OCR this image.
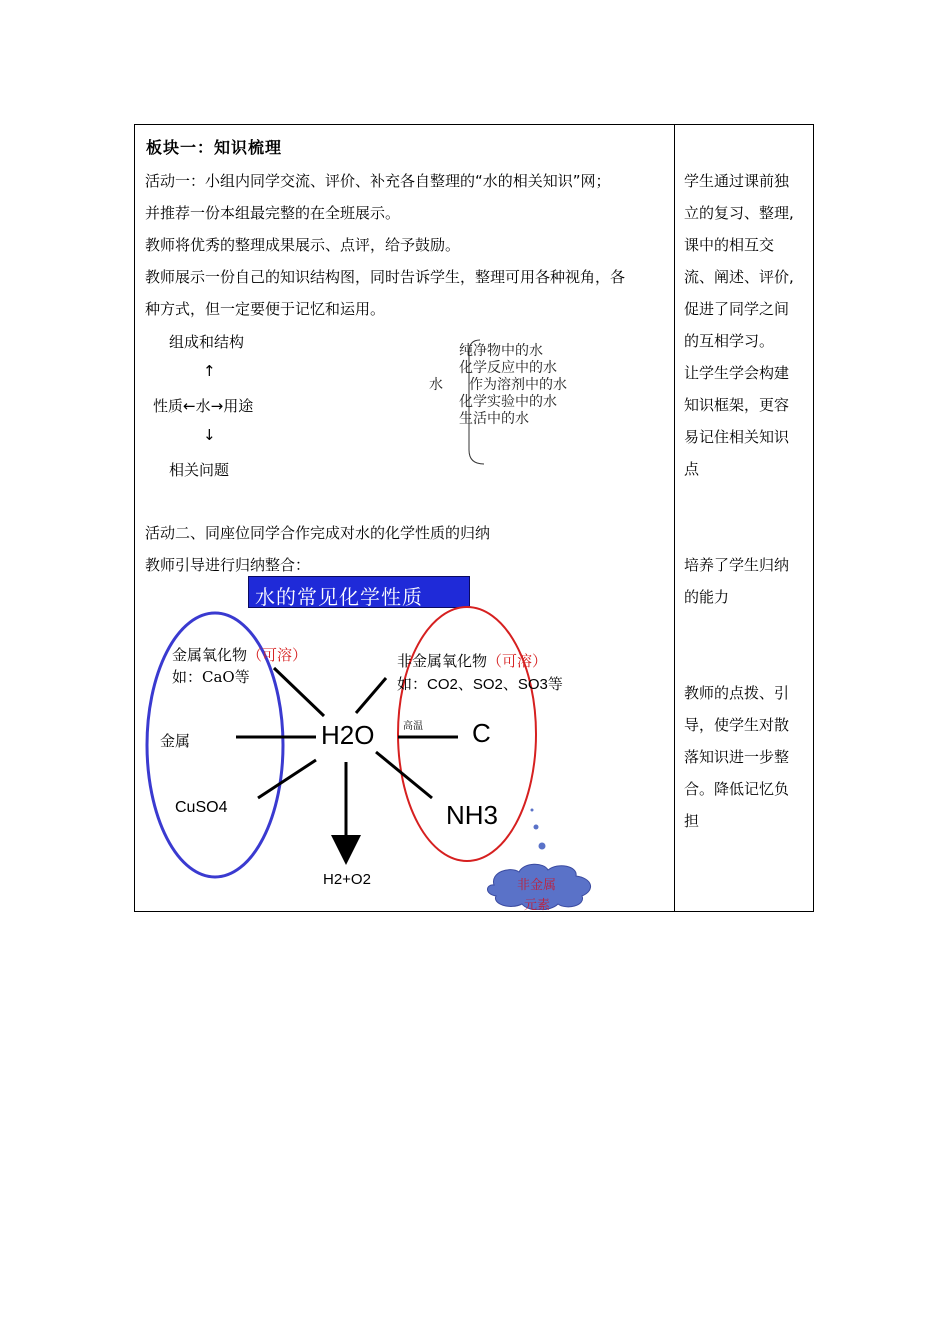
板块一：知识梳理
活动一：小组内同学交流、评价、补充各自整理的“水的相关知识”网；
并推荐一份本组最完整的在全班展示。
教师将优秀的整理成果展示、点评，给予鼓励。
教师展示一份自己的知识结构图，同时告诉学生，整理可用各种视角，各
种方式，但一定要便于记忆和运用。
组成和结构
↑
性质←水→用途
↓
相关问题
水
纯净物中的水
化学反应中的水
作为溶剂中的水
化学实验中的水
生活中的水
活动二、同座位同学合作完成对水的化学性质的归纳
教师引导进行归纳整合：
水的常见化学性质
金属氧化物（可溶）
如：CaO等
非金属氧化物（可溶）
如：CO2、SO2、SO3等
金属
CuSO4
H2O	高温 C
NH3
H2+O2	非金属
元素
学生通过课前独
立的复习、整理,
课中的相互交
流、阐述、评价,
促进了同学之间
的互相学习。
让学生学会构建
知识框架，更容
易记住相关知识
点
培养了学生归纳
的能力
教师的点拨、引
导，使学生对散
落知识进一步整
合。降低记忆负
担
